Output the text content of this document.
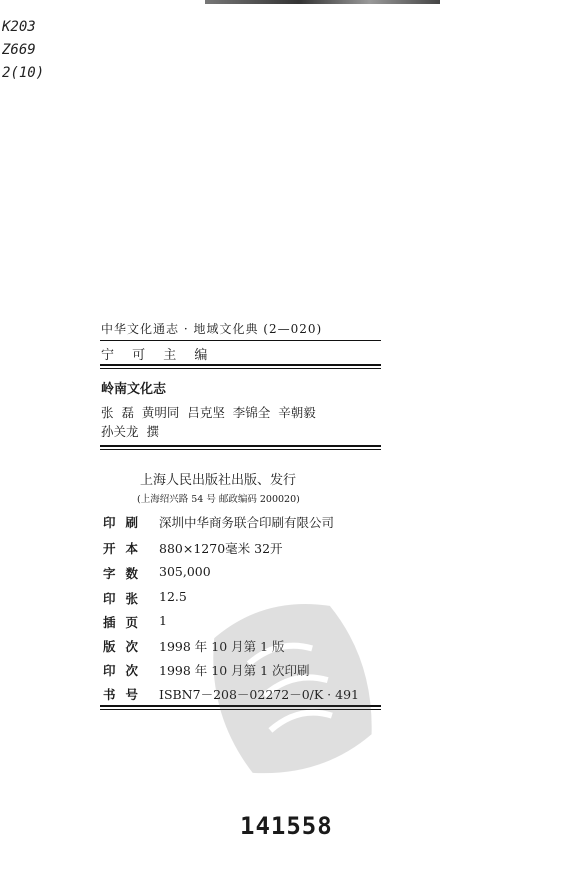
K203
Z669
2(10)
中华文化通志 · 地域文化典 (2—020)
宁 可 主 编
岭南文化志
张  磊  黄明同  吕克坚  李锦全  辛朝毅
孙关龙  撰
上海人民出版社出版、发行
(上海绍兴路 54 号 邮政编码 200020)
印刷 深圳中华商务联合印刷有限公司
开本 880×1270毫米 32开
字数 305,000
印张 12.5
插页 1
版次 1998 年 10 月第 1 版
印次 1998 年 10 月第 1 次印刷
书号 ISBN7－208－02272－0/K · 491
141558
